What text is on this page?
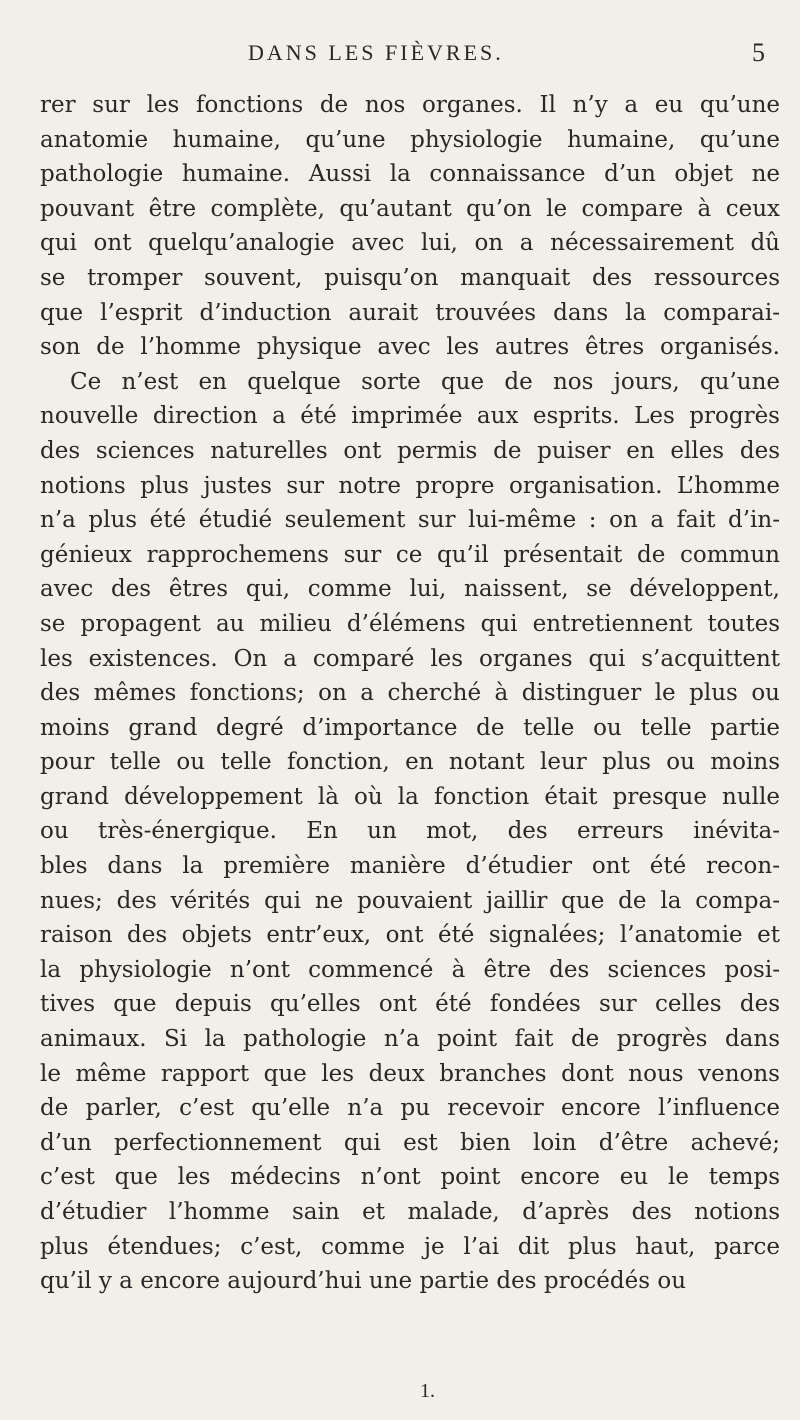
DANS LES FIÈVRES.	5
rer sur les fonctions de nos organes. Il n’y a eu qu’une
anatomie humaine, qu’une physiologie humaine, qu’une
pathologie humaine. Aussi la connaissance d’un objet ne
pouvant être complète, qu’autant qu’on le compare à ceux
qui ont quelqu’analogie avec lui, on a nécessairement dû
se tromper souvent, puisqu’on manquait des ressources
que l’esprit d’induction aurait trouvées dans la comparai-
son de l’homme physique avec les autres êtres organisés.
Ce n’est en quelque sorte que de nos jours, qu’une
nouvelle direction a été imprimée aux esprits. Les progrès
des sciences naturelles ont permis de puiser en elles des
notions plus justes sur notre propre organisation. L’homme
n’a plus été étudié seulement sur lui-même : on a fait d’in-
génieux rapprochemens sur ce qu’il présentait de commun
avec des êtres qui, comme lui, naissent, se développent,
se propagent au milieu d’élémens qui entretiennent toutes
les existences. On a comparé les organes qui s’acquittent
des mêmes fonctions; on a cherché à distinguer le plus ou
moins grand degré d’importance de telle ou telle partie
pour telle ou telle fonction, en notant leur plus ou moins
grand développement là où la fonction était presque nulle
ou très-énergique. En un mot, des erreurs inévita-
bles dans la première manière d’étudier ont été recon-
nues; des vérités qui ne pouvaient jaillir que de la compa-
raison des objets entr’eux, ont été signalées; l’anatomie et
la physiologie n’ont commencé à être des sciences posi-
tives que depuis qu’elles ont été fondées sur celles des
animaux. Si la pathologie n’a point fait de progrès dans
le même rapport que les deux branches dont nous venons
de parler, c’est qu’elle n’a pu recevoir encore l’influence
d’un perfectionnement qui est bien loin d’être achevé;
c’est que les médecins n’ont point encore eu le temps
d’étudier l’homme sain et malade, d’après des notions
plus étendues; c’est, comme je l’ai dit plus haut, parce
qu’il y a encore aujourd’hui une partie des procédés ou
1.
